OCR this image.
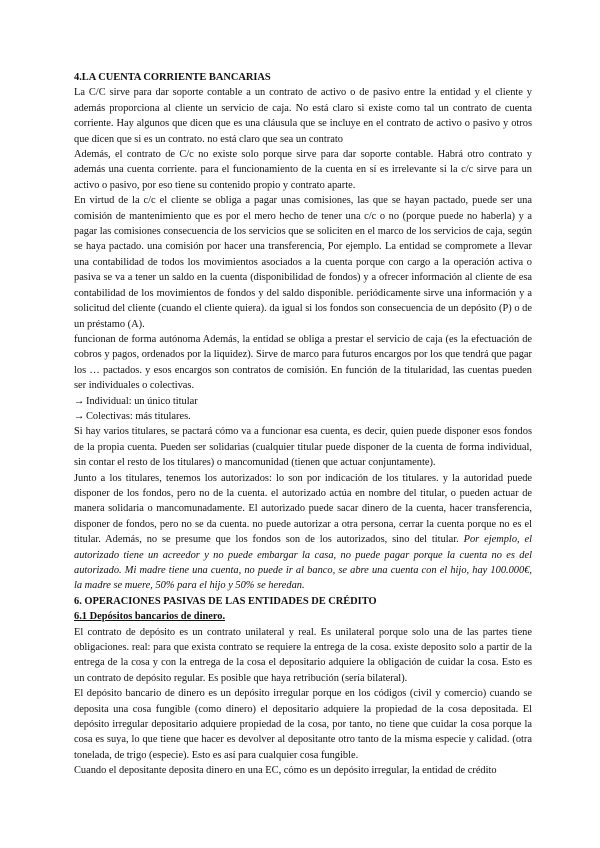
4.LA CUENTA CORRIENTE BANCARIAS

La C/C sirve para dar soporte contable a un contrato de activo o de pasivo entre la entidad y el cliente y además proporciona al cliente un servicio de caja. No está claro si existe como tal un contrato de cuenta corriente. Hay algunos que dicen que es una cláusula que se incluye en el contrato de activo o pasivo y otros que dicen que si es un contrato. no está claro que sea un contrato

Además, el contrato de C/c no existe solo porque sirve para dar soporte contable. Habrá otro contrato y además una cuenta corriente. para el funcionamiento de la cuenta en sí es irrelevante si la c/c sirve para un activo o pasivo, por eso tiene su contenido propio y contrato aparte.

En virtud de la c/c el cliente se obliga a pagar unas comisiones, las que se hayan pactado, puede ser una comisión de mantenimiento que es por el mero hecho de tener una c/c o no (porque puede no haberla) y a pagar las comisiones consecuencia de los servicios que se soliciten en el marco de los servicios de caja, según se haya pactado. una comisión por hacer una transferencia, Por ejemplo. La entidad se compromete a llevar una contabilidad de todos los movimientos asociados a la cuenta porque con cargo a la operación activa o pasiva se va a tener un saldo en la cuenta (disponibilidad de fondos) y a ofrecer información al cliente de esa contabilidad de los movimientos de fondos y del saldo disponible. periódicamente sirve una información y a solicitud del cliente (cuando el cliente quiera). da igual si los fondos son consecuencia de un depósito (P) o de un préstamo (A).

funcionan de forma autónoma Además, la entidad se obliga a prestar el servicio de caja (es la efectuación de cobros y pagos, ordenados por la liquidez). Sirve de marco para futuros encargos por los que tendrá que pagar los … pactados. y esos encargos son contratos de comisión. En función de la titularidad, las cuentas pueden ser individuales o colectivas.

→ Individual: un único titular

→ Colectivas: más titulares.

Si hay varios titulares, se pactará cómo va a funcionar esa cuenta, es decir, quien puede disponer esos fondos de la propia cuenta. Pueden ser solidarias (cualquier titular puede disponer de la cuenta de forma individual, sin contar el resto de los titulares) o mancomunidad (tienen que actuar conjuntamente).

Junto a los titulares, tenemos los autorizados: lo son por indicación de los titulares. y la autoridad puede disponer de los fondos, pero no de la cuenta. el autorizado actúa en nombre del titular, o pueden actuar de manera solidaria o mancomunadamente. El autorizado puede sacar dinero de la cuenta, hacer transferencia, disponer de fondos, pero no se da cuenta. no puede autorizar a otra persona, cerrar la cuenta porque no es el titular. Además, no se presume que los fondos son de los autorizados, sino del titular. Por ejemplo, el autorizado tiene un acreedor y no puede embargar la casa, no puede pagar porque la cuenta no es del autorizado. Mi madre tiene una cuenta, no puede ir al banco, se abre una cuenta con el hijo, hay 100.000€, la madre se muere, 50% para el hijo y 50% se heredan.

6. OPERACIONES PASIVAS DE LAS ENTIDADES DE CRÉDITO
6.1 Depósitos bancarios de dinero.

El contrato de depósito es un contrato unilateral y real. Es unilateral porque solo una de las partes tiene obligaciones. real: para que exista contrato se requiere la entrega de la cosa. existe deposito solo a partir de la entrega de la cosa y con la entrega de la cosa el depositario adquiere la obligación de cuidar la cosa. Esto es un contrato de depósito regular. Es posible que haya retribución (sería bilateral).

El depósito bancario de dinero es un depósito irregular porque en los códigos (civil y comercio) cuando se deposita una cosa fungible (como dinero) el depositario adquiere la propiedad de la cosa depositada. El depósito irregular depositario adquiere propiedad de la cosa, por tanto, no tiene que cuidar la cosa porque la cosa es suya, lo que tiene que hacer es devolver al depositante otro tanto de la misma especie y calidad. (otra tonelada, de trigo (especie). Esto es así para cualquier cosa fungible.

Cuando el depositante deposita dinero en una EC, cómo es un depósito irregular, la entidad de crédito
